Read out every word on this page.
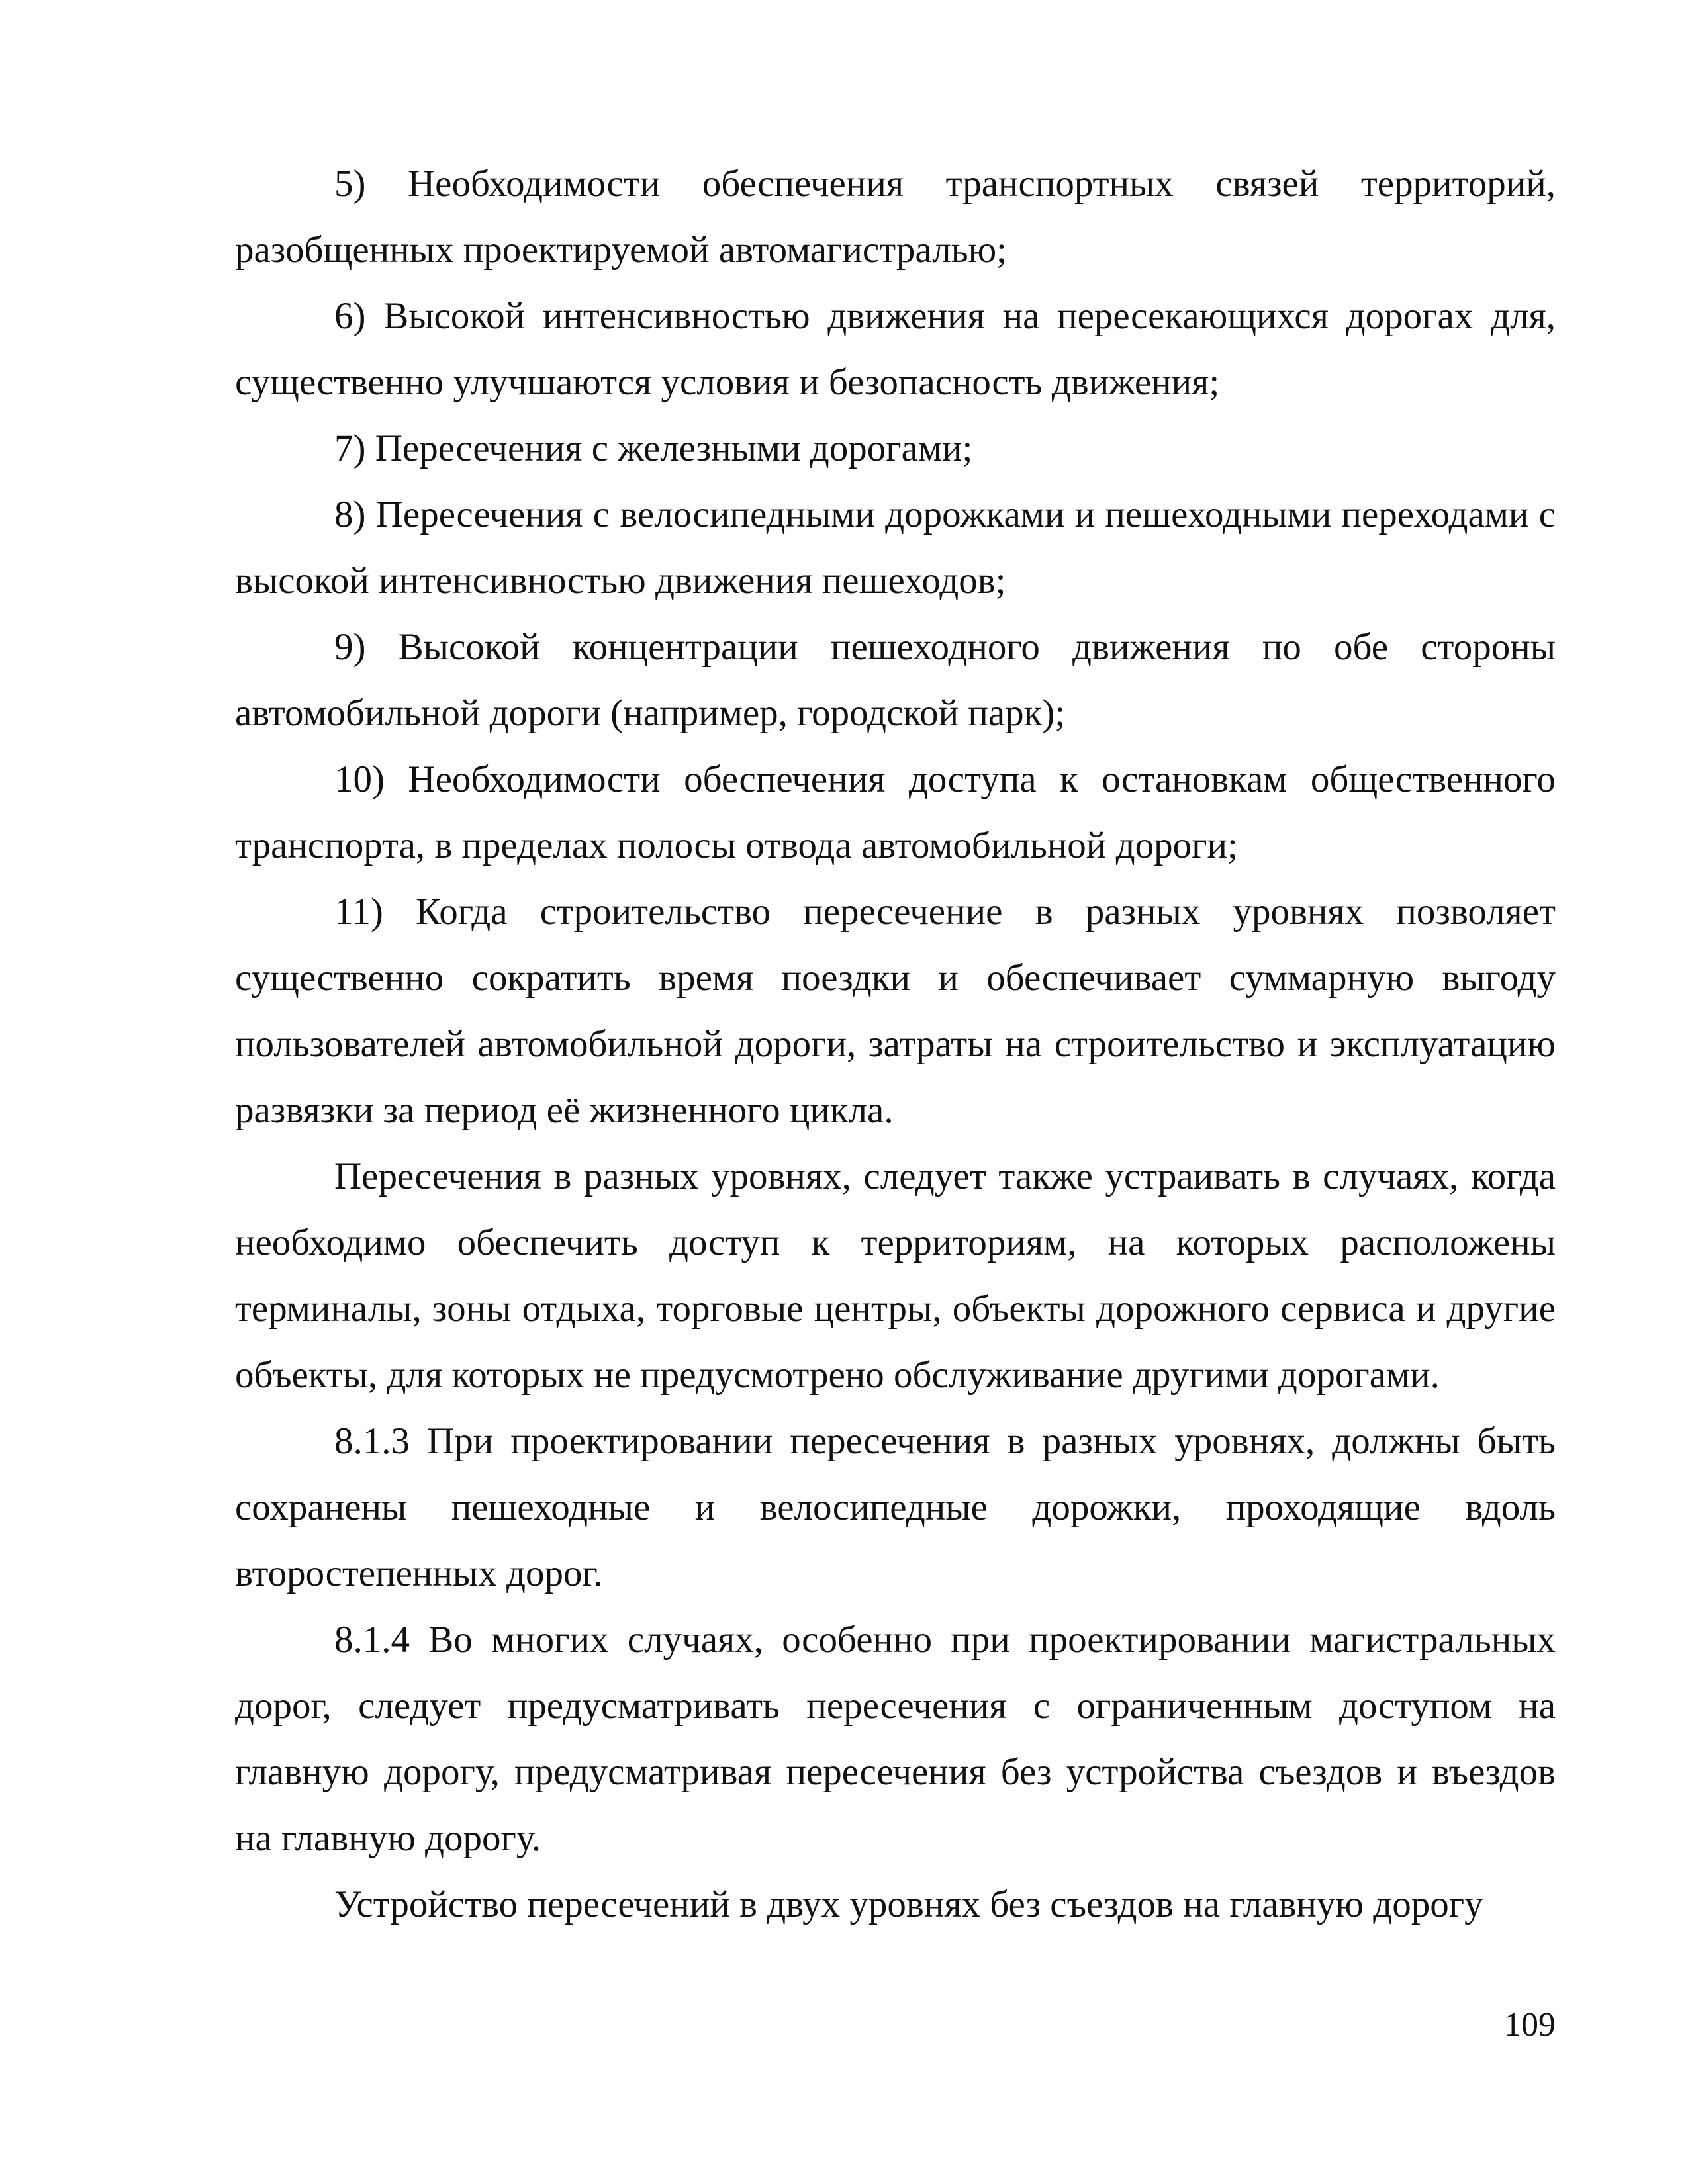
5) Необходимости обеспечения транспортных связей территорий, разобщенных проектируемой автомагистралью;

6) Высокой интенсивностью движения на пересекающихся дорогах для, существенно улучшаются условия и безопасность движения;

7) Пересечения с железными дорогами;

8) Пересечения с велосипедными дорожками и пешеходными переходами с высокой интенсивностью движения пешеходов;

9) Высокой концентрации пешеходного движения по обе стороны автомобильной дороги (например, городской парк);

10) Необходимости обеспечения доступа к остановкам общественного транспорта, в пределах полосы отвода автомобильной дороги;

11) Когда строительство пересечение в разных уровнях позволяет существенно сократить время поездки и обеспечивает суммарную выгоду пользователей автомобильной дороги, затраты на строительство и эксплуатацию развязки за период её жизненного цикла.

Пересечения в разных уровнях, следует также устраивать в случаях, когда необходимо обеспечить доступ к территориям, на которых расположены терминалы, зоны отдыха, торговые центры, объекты дорожного сервиса и другие объекты, для которых не предусмотрено обслуживание другими дорогами.

8.1.3 При проектировании пересечения в разных уровнях, должны быть сохранены пешеходные и велосипедные дорожки, проходящие вдоль второстепенных дорог.

8.1.4 Во многих случаях, особенно при проектировании магистральных дорог, следует предусматривать пересечения с ограниченным доступом на главную дорогу, предусматривая пересечения без устройства съездов и въездов на главную дорогу.

Устройство пересечений в двух уровнях без съездов на главную дорогу

109
